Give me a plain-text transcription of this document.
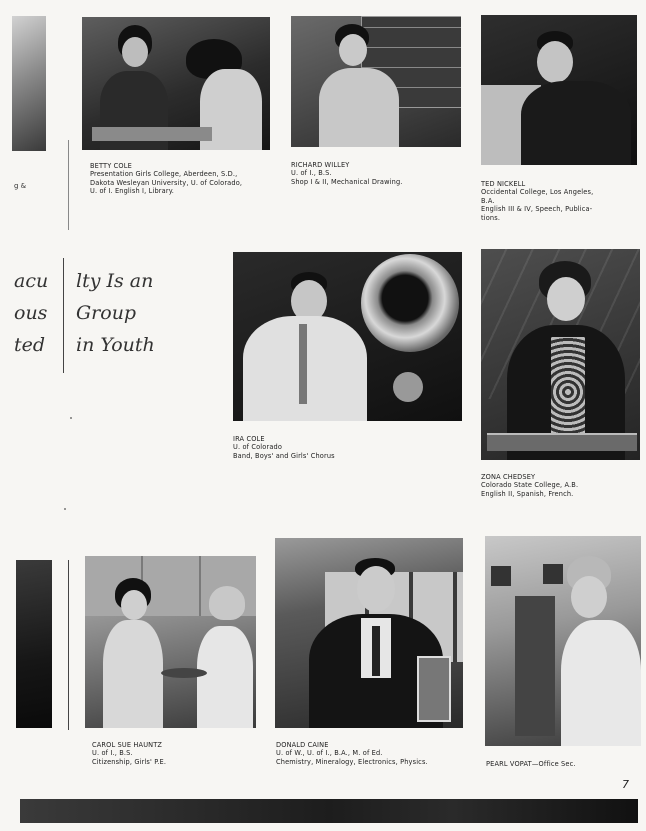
g &
acu
ous
ted
lty Is an
Group
in Youth
BETTY COLE
Presentation Girls College, Aberdeen, S.D.,
Dakota Wesleyan University, U. of Colorado,
U. of I. English I, Library.
RICHARD WILLEY
U. of I., B.S.
Shop I & II, Mechanical Drawing.	TED NICKELL
Occidental College, Los Angeles,
B.A.
English III & IV, Speech, Publica-
tions.
IRA COLE
U. of Colorado
Band, Boys' and Girls' Chorus
ZONA CHEDSEY
Colorado State College, A.B.
English II, Spanish, French.
CAROL SUE HAUNTZ
U. of I., B.S.
Citizenship, Girls' P.E.
DONALD CAINE
U. of W., U. of I., B.A., M. of Ed.
Chemistry, Mineralogy, Electronics, Physics.	PEARL VOPAT—Office Sec.
7
